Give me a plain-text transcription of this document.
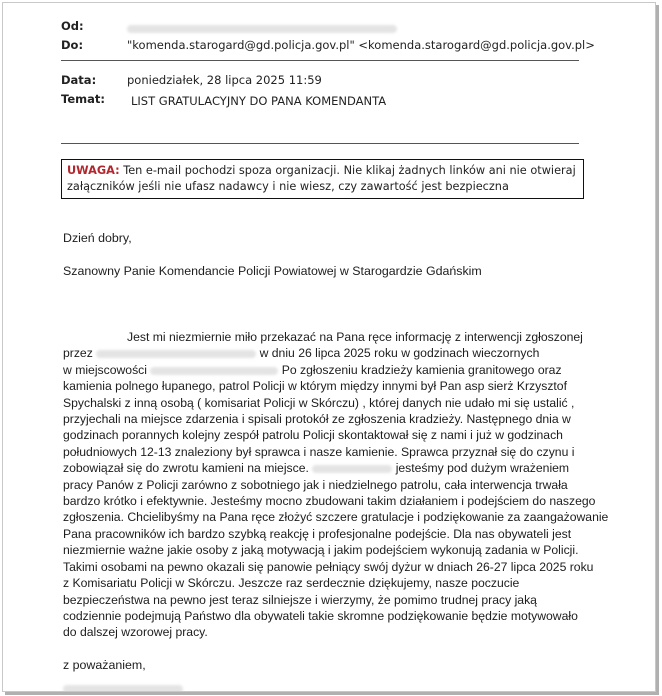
Od:
Do:	"komenda.starogard@gd.policja.gov.pl" <komenda.starogard@gd.policja.gov.pl>
Data:	poniedziałek, 28 lipca 2025 11:59
Temat: LIST GRATULACYJNY DO PANA KOMENDANTA
UWAGA: Ten e-mail pochodzi spoza organizacji. Nie klikaj żadnych linków ani nie otwieraj
załączników jeśli nie ufasz nadawcy i nie wiesz, czy zawartość jest bezpieczna
Dzień dobry,
Szanowny Panie Komendancie Policji Powiatowej w Starogardzie Gdańskim
Jest mi niezmiernie miło przekazać na Pana ręce informację z interwencji zgłoszonej
przez	w dniu 26 lipca 2025 roku w godzinach wieczornych
w miejscowości	Po zgłoszeniu kradzieży kamienia granitowego oraz
kamienia polnego łupanego, patrol Policji w którym między innymi był Pan asp sierż Krzysztof
Spychalski z inną osobą ( komisariat Policji w Skórczu) , której danych nie udało mi się ustalić ,
przyjechali na miejsce zdarzenia i spisali protokół ze zgłoszenia kradzieży. Następnego dnia w
godzinach porannych kolejny zespół patrolu Policji skontaktował się z nami i już w godzinach
południowych 12-13 znaleziony był sprawca i nasze kamienie. Sprawca przyznał się do czynu i
zobowiązał się do zwrotu kamieni na miejsce.	jesteśmy pod dużym wrażeniem
pracy Panów z Policji zarówno z sobotniego jak i niedzielnego patrolu, cała interwencja trwała
bardzo krótko i efektywnie. Jesteśmy mocno zbudowani takim działaniem i podejściem do naszego
zgłoszenia. Chcielibyśmy na Pana ręce złożyć szczere gratulacje i podziękowanie za zaangażowanie
Pana pracowników ich bardzo szybką reakcję i profesjonalne podejście. Dla nas obywateli jest
niezmiernie ważne jakie osoby z jaką motywacją i jakim podejściem wykonują zadania w Policji.
Takimi osobami na pewno okazali się panowie pełniący swój dyżur w dniach 26-27 lipca 2025 roku
z Komisariatu Policji w Skórczu. Jeszcze raz serdecznie dziękujemy, nasze poczucie
bezpieczeństwa na pewno jest teraz silniejsze i wierzymy, że pomimo trudnej pracy jaką
codziennie podejmują Państwo dla obywateli takie skromne podziękowanie będzie motywowało
do dalszej wzorowej pracy.
z poważaniem,
